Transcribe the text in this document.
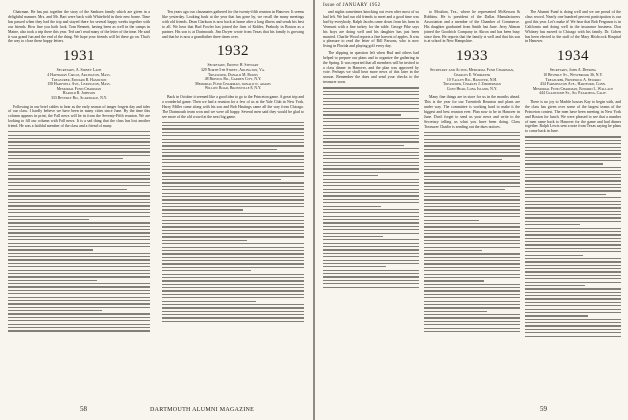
Chairman. He has put together the story of the Sanborn family which are given in a delightful manner. Mrs. and Mr. Bart were back with Whitefield in their new home. Time has passed when they had the trip and stayed there for several happy weeks together with our friends. How fine you both look. Tom Bennett, having been as well in the camps in Maine, also took a trip there this year. Ted can't read many of the letter of the time. He said it was grand fun and the end of the thing. We hope your friends will let these go on. That's the way to close these happy letters.

1931
Secretary, A. Sidney Lane
4 Hathaway Circle, Arlington, Mass.
Treasurer, Edward R. Hamilton
150 Hartwell Ave., Lexington, Mass.
Memorial Fund Chairman
Harold R. Johnson
333 Beverly Rd., Scarsdale, N.Y.

Following in our brief cables to hear as the early season of tanger forgets day and tales of our class. I hardly believe we have been in many cities since June. By the time this column appears in print, the Fall news will be in from the Seventy-Fifth reunion. We are looking to fill our column with Fall news. It is a sad thing that the class has lost another friend. He was a faithful member of the class and a friend of many.

Ten years ago our classmates gathered for the twenty-fifth reunion in Hanover. It seems like yesterday. Looking back at the year that has gone by, we recall the many meetings with old friends. Dean Clarkson is now back at home after a long illness and sends his best to all. We hear that Bud Fowler has joined the firm of Kidder, Peabody in Boston as a partner. His son is at Dartmouth. Jim Dwyer wrote from Texas that his family is growing and that he is now a grandfather three times over.

1932
Secretary, Ernest H. Stewart
329 North 5th Street, Arlington, Va.
Treasurer, Donald M. Burns
48 Bristol Rd., Garden City, N.Y.
Memorial Fund Chairman, donald w. adams
Willow Road, Bronxville 8, N.Y.

Back in October it seemed like a good idea to go to the Princeton game. A great trip and a wonderful game. Then we had a reunion for a few of us at the Yale Club in New York. Harry Miller came along with his son and Bob Hastings came all the way from Chicago. The Dartmouth team won and we were all happy. Several men said they would be glad to see more of the old crowd at the next big game.

58	DARTMOUTH ALUMNI MAGAZINE
Issue of JANUARY 1952

and nights sometimes knocking out even after most of us had left. We had our old friends to meet and a good time was had by everybody. Ralph Jacobs came down from his farm in Vermont with a fine turkey for the table. George Pike says his boys are doing well and his daughter has just been married. Charlie Wood reports a fine harvest of apples. It was a pleasure to read the letter of Bill Parsons, who is now living in Florida and playing golf every day.

The slipping in question left when Bud and others had helped to prepare our plans and to organize the gathering in the Spring. It was reported that all members will be invited to a class dinner in Hanover, and the plan was approved by vote. Perhaps we shall hear more news of this later in the season. Remember the dues and send your checks to the treasurer soon.

to Moulton, Tex., where he represented McKesson & Robbins. He is president of the Dallas Manufacturers Association and a member of the Chamber of Commerce. His daughter graduated from Smith last June. Jerry Altman joined the Goodrich Company in Akron and has been busy since then. He reports that the family is well and that his son is at school in New Hampshire.

1933
Secretary and Acting Memorial Fund Chairman, Charles E. Widmayer
10 Valley Rd., Hanover, N.H.
Treasurer, Charles J. Zimmerman
Glen Head, Long Island, N.Y.

Many fine things are in store for us in the months ahead. This is the year for our Twentieth Reunion and plans are under way. The committee is working hard to make it the biggest and best reunion ever. Plan now to be in Hanover in June. Don't forget to send us your news and write to the Secretary telling us what you have been doing. Class Treasurer Charlie is sending out the dues notices.

The Alumni Fund is doing well and we are proud of the class record. Nearly one hundred percent participation is our goal this year. Let's make it! We hear that Bob Ferguson is in California and doing well in the insurance business. Don Whitney has moved to Chicago with his family. Dr. Cohen has been elected to the staff of the Mary Hitchcock Hospital in Hanover.

1934
Secretary, John A. Deering
10 Beverly St., Westbrook 36, N.Y.
Treasurer, Frederick A. Seward
434 Farmington Ave., Hartford, Conn.
Memorial Fund Chairman, Edward L. Wallace
444 Gladstone St., So. Pasadena, Calif.

There is no joy to Marble houses Kay to begin with, and the class has given over some of the largest teams of the Princeton contest. The men have been meeting in New York and Boston for lunch. We were pleased to see that a number of men came back to Hanover for the game and had dinner together. Ralph Lewis sent a note from Texas saying he plans to come back in June.

59
